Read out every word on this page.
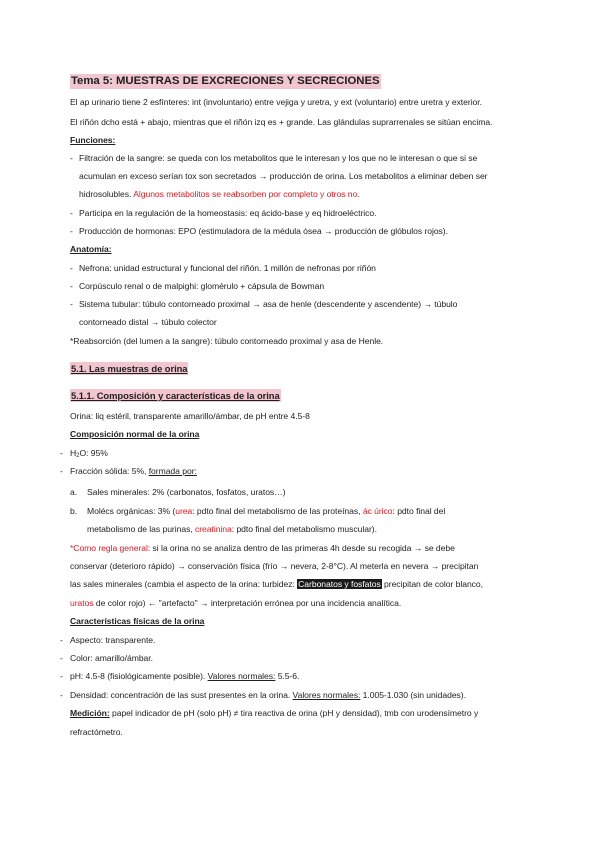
Tema 5: MUESTRAS DE EXCRECIONES Y SECRECIONES
El ap urinario tiene 2 esfínteres: int (involuntario) entre vejiga y uretra, y ext (voluntario) entre uretra y exterior.
El riñón dcho está + abajo, mientras que el riñón izq es + grande. Las glándulas suprarrenales se sitúan encima.
Funciones:
- Filtración de la sangre: se queda con los metabolitos que le interesan y los que no le interesan o que si se
acumulan en exceso serían tox son secretados → producción de orina. Los metabolitos a eliminar deben ser
hidrosolubles. Algunos metabolitos se reabsorben por completo y otros no.
- Participa en la regulación de la homeostasis: eq ácido-base y eq hidroeléctrico.
- Producción de hormonas: EPO (estimuladora de la médula ósea → producción de glóbulos rojos).
Anatomía:
- Nefrona: unidad estructural y funcional del riñón. 1 millón de nefronas por riñón
- Corpúsculo renal o de malpighi: glomérulo + cápsula de Bowman
- Sistema tubular: túbulo contorneado proximal → asa de henle (descendente y ascendente) → túbulo
contorneado distal → túbulo colector
*Reabsorción (del lumen a la sangre): túbulo contorneado proximal y asa de Henle.
5.1. Las muestras de orina
5.1.1. Composición y características de la orina
Orina: liq estéril, transparente amarillo/ámbar, de pH entre 4.5-8
Composición normal de la orina
- $H_2O$: 95%
- Fracción sólida: 5%, formada por:
a. Sales minerales: 2% (carbonatos, fosfatos, uratos…)
b. Molécs orgánicas: 3% (urea: pdto final del metabolismo de las proteínas, ác úrico: pdto final del
metabolismo de las purinas, creatinina: pdto final del metabolismo muscular).
*Como regla general: si la orina no se analiza dentro de las primeras 4h desde su recogida → se debe
conservar (deterioro rápido) → conservación física (frío → nevera, 2-8°C). Al meterla en nevera → precipitan
las sales minerales (cambia el aspecto de la orina: turbidez: Carbonatos y fosfatos precipitan de color blanco,
uratos de color rojo) ← "artefacto" → interpretación errónea por una incidencia analítica.
Características físicas de la orina
- Aspecto: transparente.
- Color: amarillo/ámbar.
- pH: 4.5-8 (fisiológicamente posible). Valores normales: 5.5-6.
- Densidad: concentración de las sust presentes en la orina. Valores normales: 1.005-1.030 (sin unidades).
Medición: papel indicador de pH (solo pH) ≠ tira reactiva de orina (pH y densidad), tmb con urodensímetro y
refractómetro.
